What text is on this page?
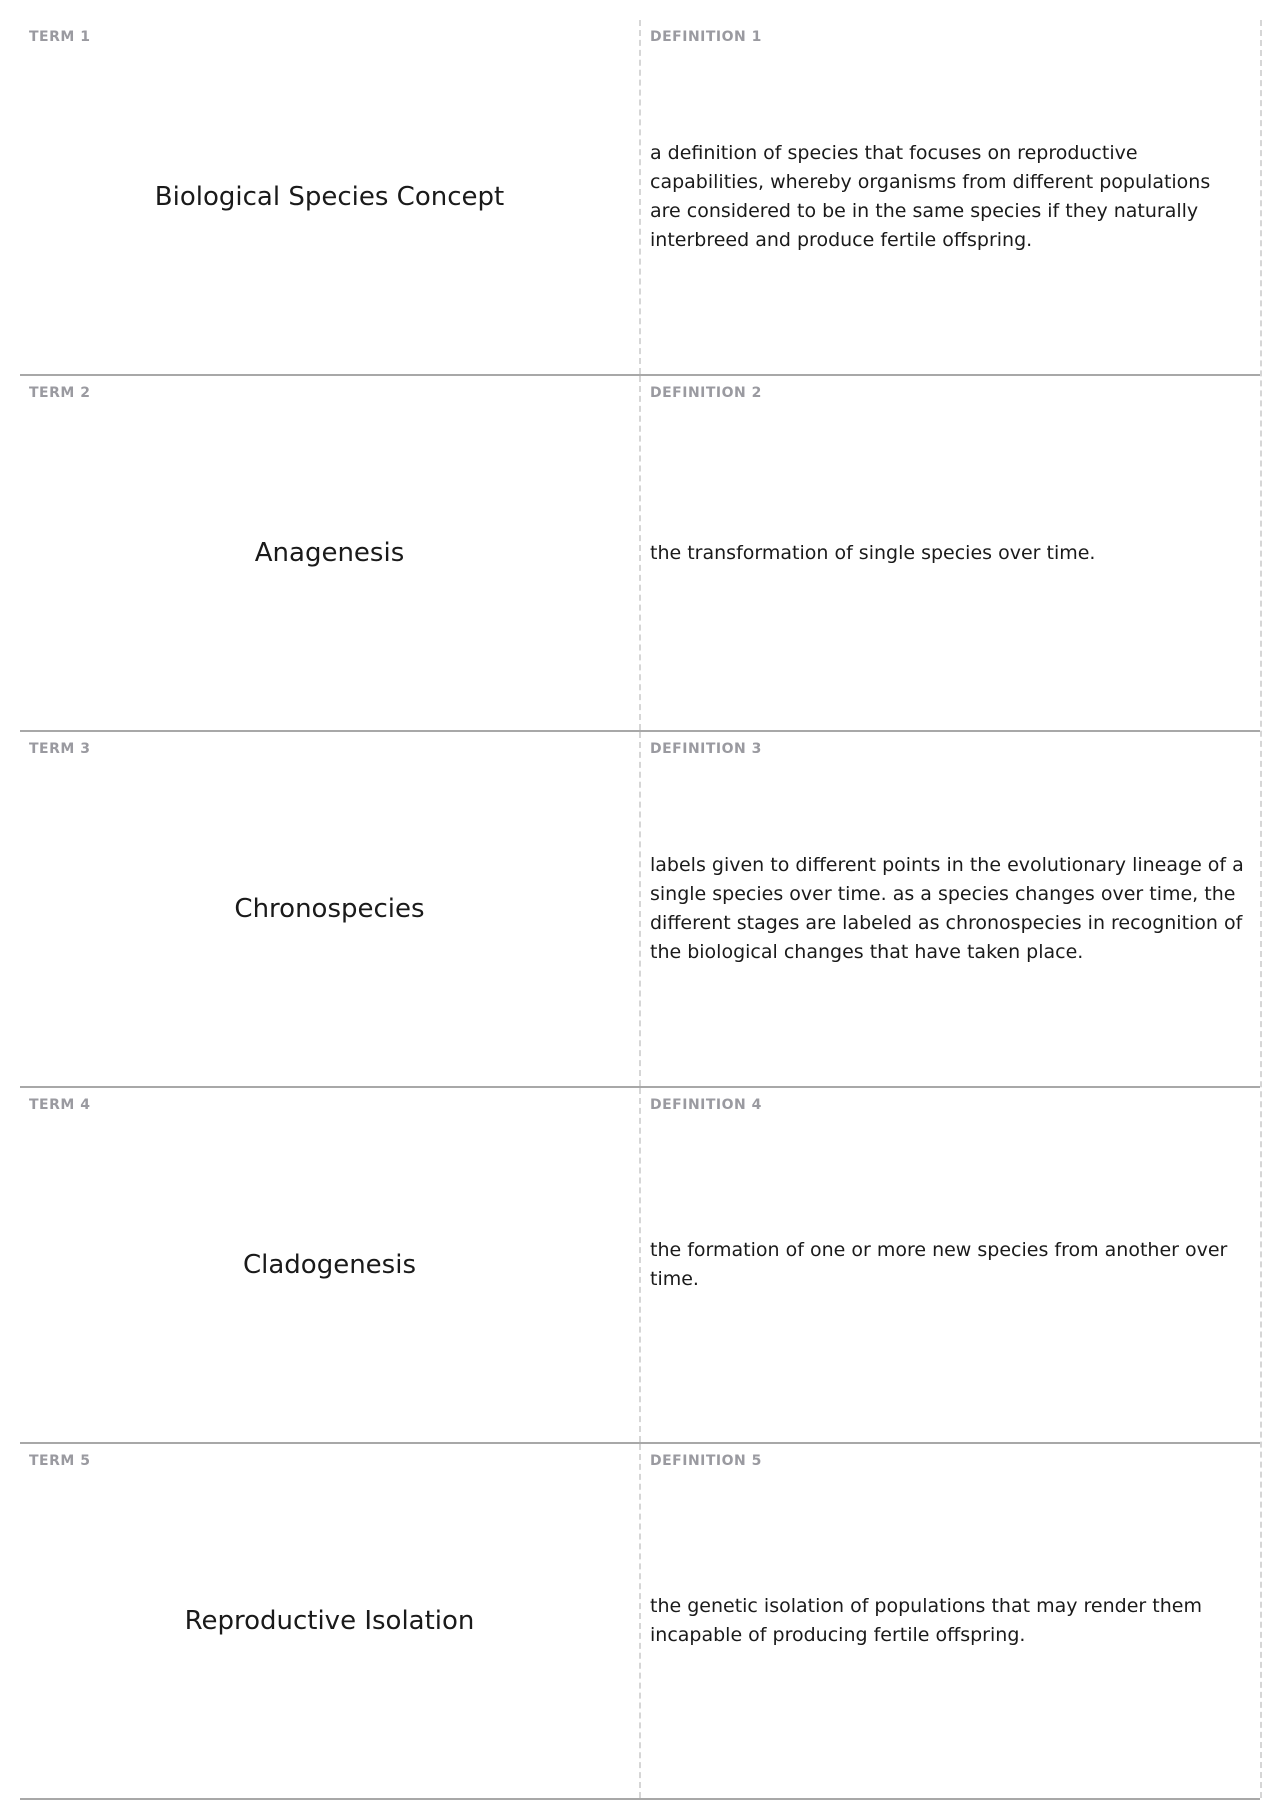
TERM 1
Biological Species Concept
DEFINITION 1
a definition of species that focuses on reproductive capabilities, whereby organisms from different populations are considered to be in the same species if they naturally interbreed and produce fertile offspring.
TERM 2
Anagenesis
DEFINITION 2
the transformation of single species over time.
TERM 3
Chronospecies
DEFINITION 3
labels given to different points in the evolutionary lineage of a single species over time. as a species changes over time, the different stages are labeled as chronospecies in recognition of the biological changes that have taken place.
TERM 4
Cladogenesis
DEFINITION 4
the formation of one or more new species from another over time.
TERM 5
Reproductive Isolation
DEFINITION 5
the genetic isolation of populations that may render them incapable of producing fertile offspring.
